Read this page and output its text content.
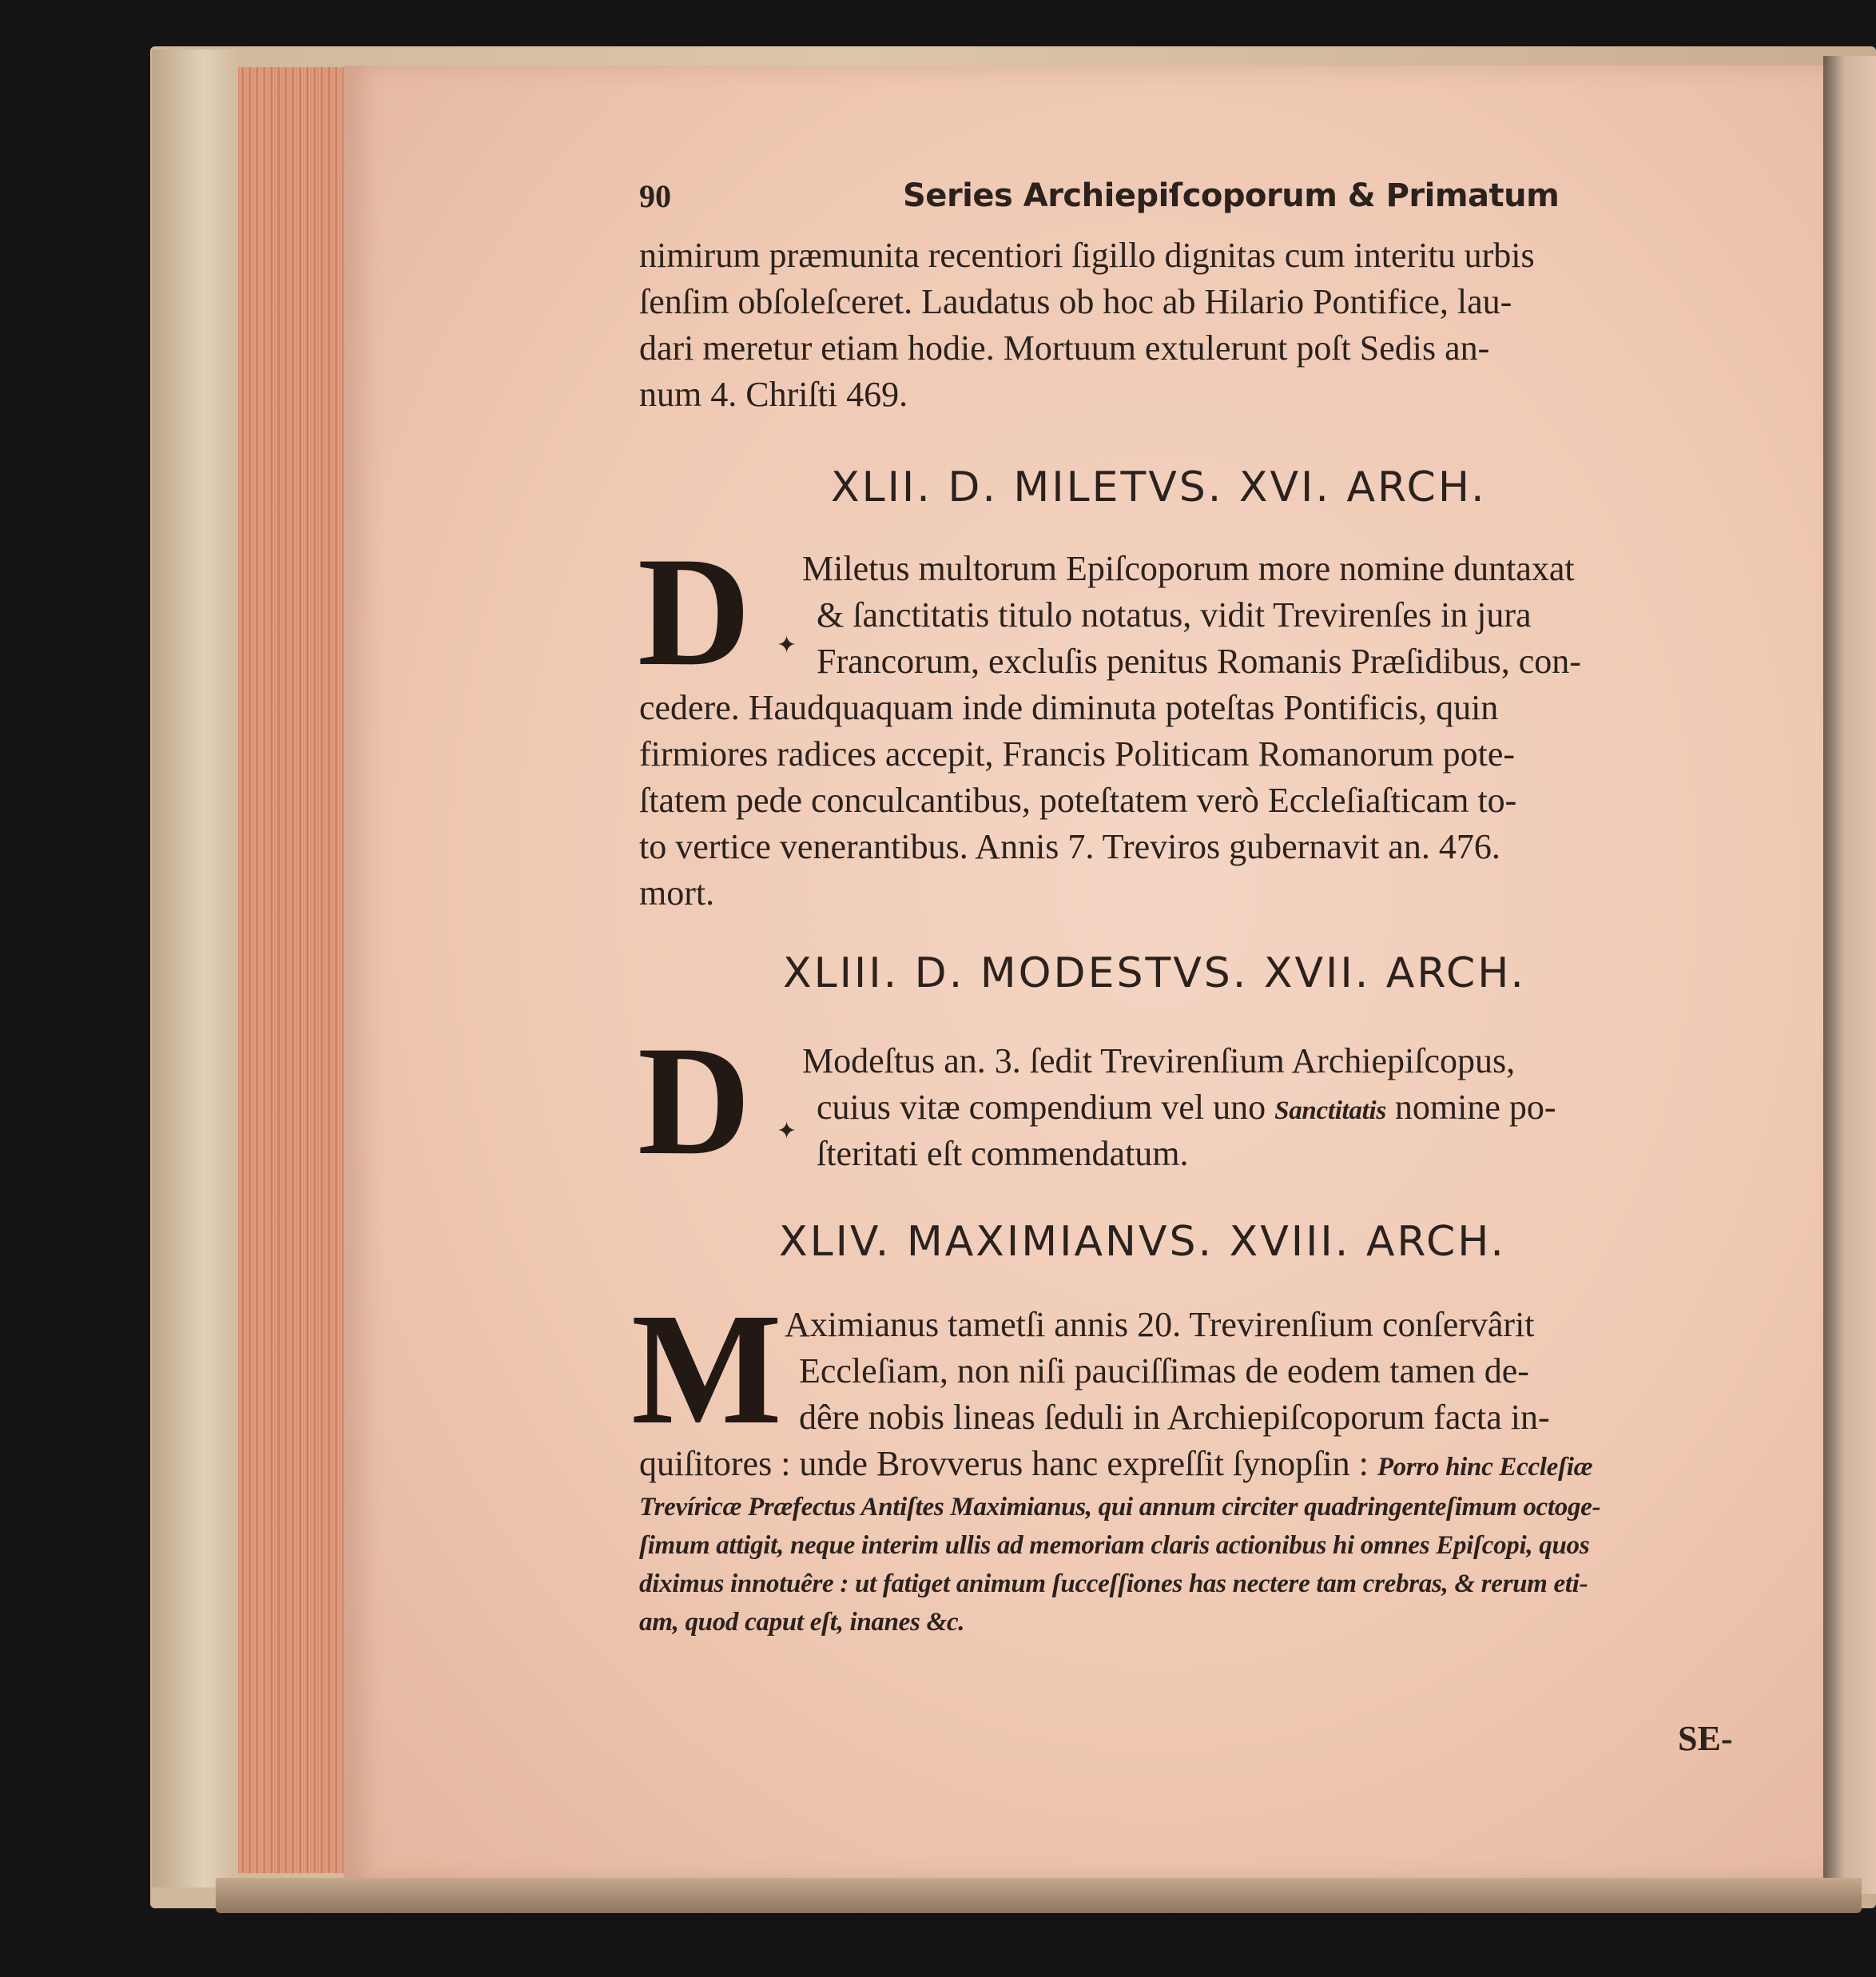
90	Series Archiepiſcoporum & Primatum
nimirum præmunita recentiori ſigillo dignitas cum interitu urbis
ſenſim obſoleſceret. Laudatus ob hoc ab Hilario Pontifice, lau-
dari meretur etiam hodie. Mortuum extulerunt poſt Sedis an-
num 4. Chriſti 469.
XLII. D. MILETVS. XVI. ARCH.
D ✦
Miletus multorum Epiſcoporum more nomine duntaxat
& ſanctitatis titulo notatus, vidit Trevirenſes in jura
Francorum, excluſis penitus Romanis Præſidibus, con-
cedere. Haudquaquam inde diminuta poteſtas Pontificis, quin
firmiores radices accepit, Francis Politicam Romanorum pote-
ſtatem pede conculcantibus, poteſtatem verò Eccleſiaſticam to-
to vertice venerantibus. Annis 7. Treviros gubernavit an. 476.
mort.
XLIII. D. MODESTVS. XVII. ARCH.
D ✦
Modeſtus an. 3. ſedit Trevirenſium Archiepiſcopus,
cuius vitæ compendium vel uno Sanctitatis nomine po-
ſteritati eſt commendatum.
XLIV. MAXIMIANVS. XVIII. ARCH.
M Aximianus tametſi annis 20. Trevirenſium conſervârit
Eccleſiam, non niſi pauciſſimas de eodem tamen de-
dêre nobis lineas ſeduli in Archiepiſcoporum facta in-
quiſitores : unde Brovverus hanc expreſſit ſynopſin : Porro hinc Eccleſiæ
Trevíricæ Præfectus Antiſtes Maximianus, qui annum circiter quadringenteſimum octoge-
ſimum attigit, neque interim ullis ad memoriam claris actionibus hi omnes Epiſcopi, quos
diximus innotuêre : ut fatiget animum ſucceſſiones has nectere tam crebras, & rerum eti-
am, quod caput eſt, inanes &c.
SE-
